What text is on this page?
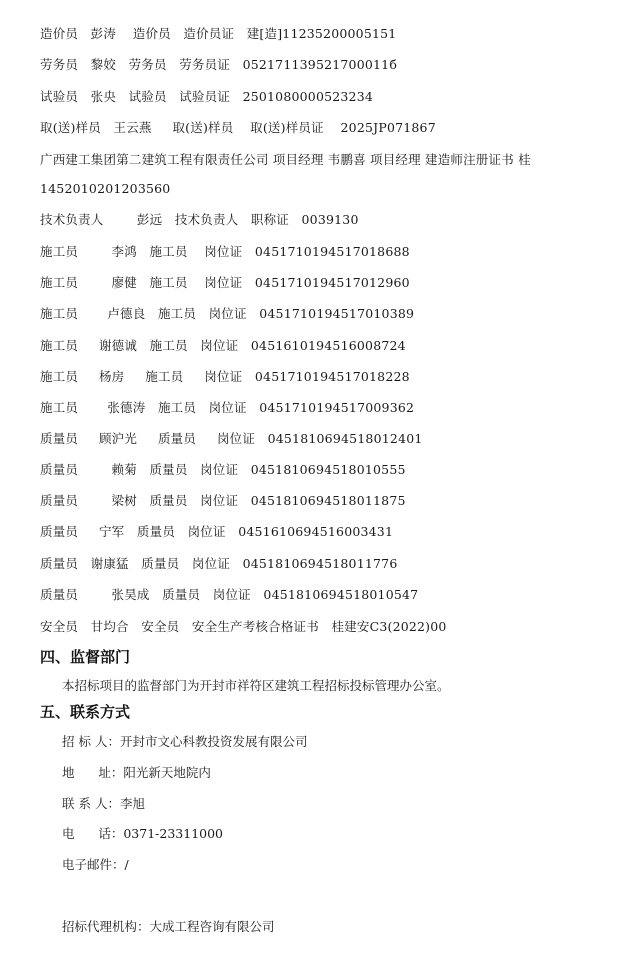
造价员 彭涛 造价员 造价员证 建[造]11235200005151
劳务员 黎姣 劳务员 劳务员证 052171139521700011б
试验员 张央 试验员 试验员证 2501080000523234
取(送)样员 王云燕 取(送)样员 取(送)样员证 2025JP071867
广西建工集团第二建筑工程有限责任公司 项目经理 韦鹏喜 项目经理 建造师注册证书 桂
1452010201203560
技术负责人	彭远 技术负责人 职称证 0039130
施工员	李鸿 施工员 岗位证 0451710194517018688
施工员	廖健 施工员 岗位证 0451710194517012960
施工员 卢德良 施工员 岗位证 0451710194517010389
施工员 谢德诚 施工员 岗位证 0451610194516008724
施工员 杨房 施工员 岗位证 0451710194517018228
施工员 张德涛 施工员 岗位证 0451710194517009362
质量员 顾沪光 质量员 岗位证 0451810694518012401
质量员	赖菊 质量员 岗位证 0451810694518010555
质量员	梁树 质量员 岗位证 0451810694518011875
质量员 宁军 质量员 岗位证 0451610694516003431
质量员 谢康猛 质量员 岗位证 0451810694518011776
质量员	张昊成 质量员 岗位证 0451810694518010547
安全员 甘均合 安全员 安全生产考核合格证书 桂建安C3(2022)00
四、监督部门
本招标项目的监督部门为开封市祥符区建筑工程招标投标管理办公室。
五、联系方式
招 标 人：开封市文心科教投资发展有限公司
地      址：阳光新天地院内
联 系 人：李旭
电      话：0371-23311000
电子邮件：/
招标代理机构：大成工程咨询有限公司
